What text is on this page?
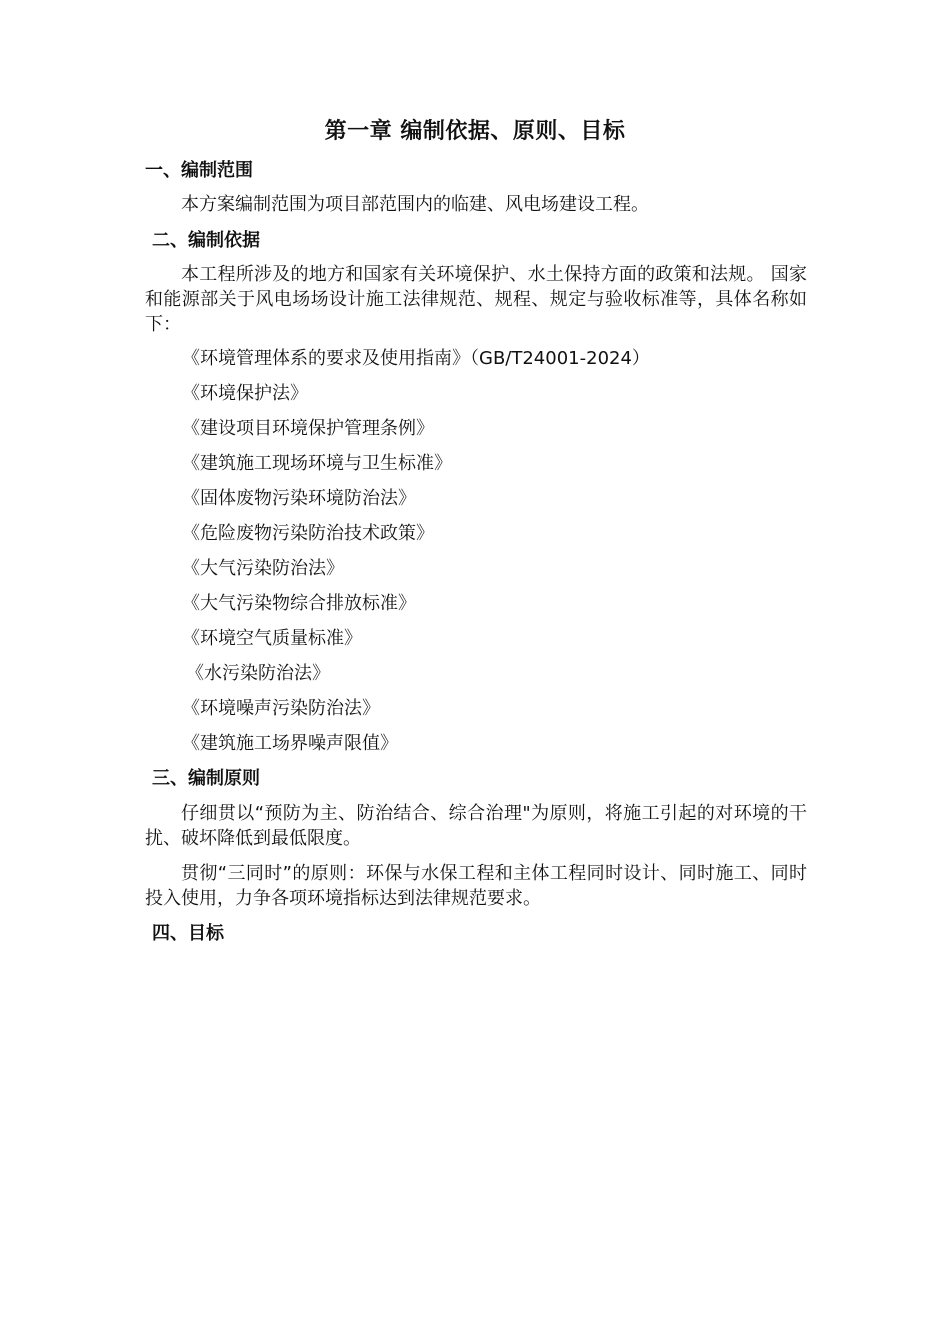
第一章 编制依据、原则、目标
一、编制范围
本方案编制范围为项目部范围内的临建、风电场建设工程。
二、编制依据
本工程所涉及的地方和国家有关环境保护、水土保持方面的政策和法规。 国家和能源部关于风电场场设计施工法律规范、规程、规定与验收标准等，具体名称如下：
《环境管理体系的要求及使用指南》（GB/T24001-2024）
《环境保护法》
《建设项目环境保护管理条例》
《建筑施工现场环境与卫生标准》
《固体废物污染环境防治法》
《危险废物污染防治技术政策》
《大气污染防治法》
《大气污染物综合排放标准》
《环境空气质量标准》
《水污染防治法》
《环境噪声污染防治法》
《建筑施工场界噪声限值》
三、编制原则
仔细贯以“预防为主、防治结合、综合治理"为原则，将施工引起的对环境的干扰、破坏降低到最低限度。
贯彻“三同时”的原则：环保与水保工程和主体工程同时设计、同时施工、同时投入使用，力争各项环境指标达到法律规范要求。
四、目标
